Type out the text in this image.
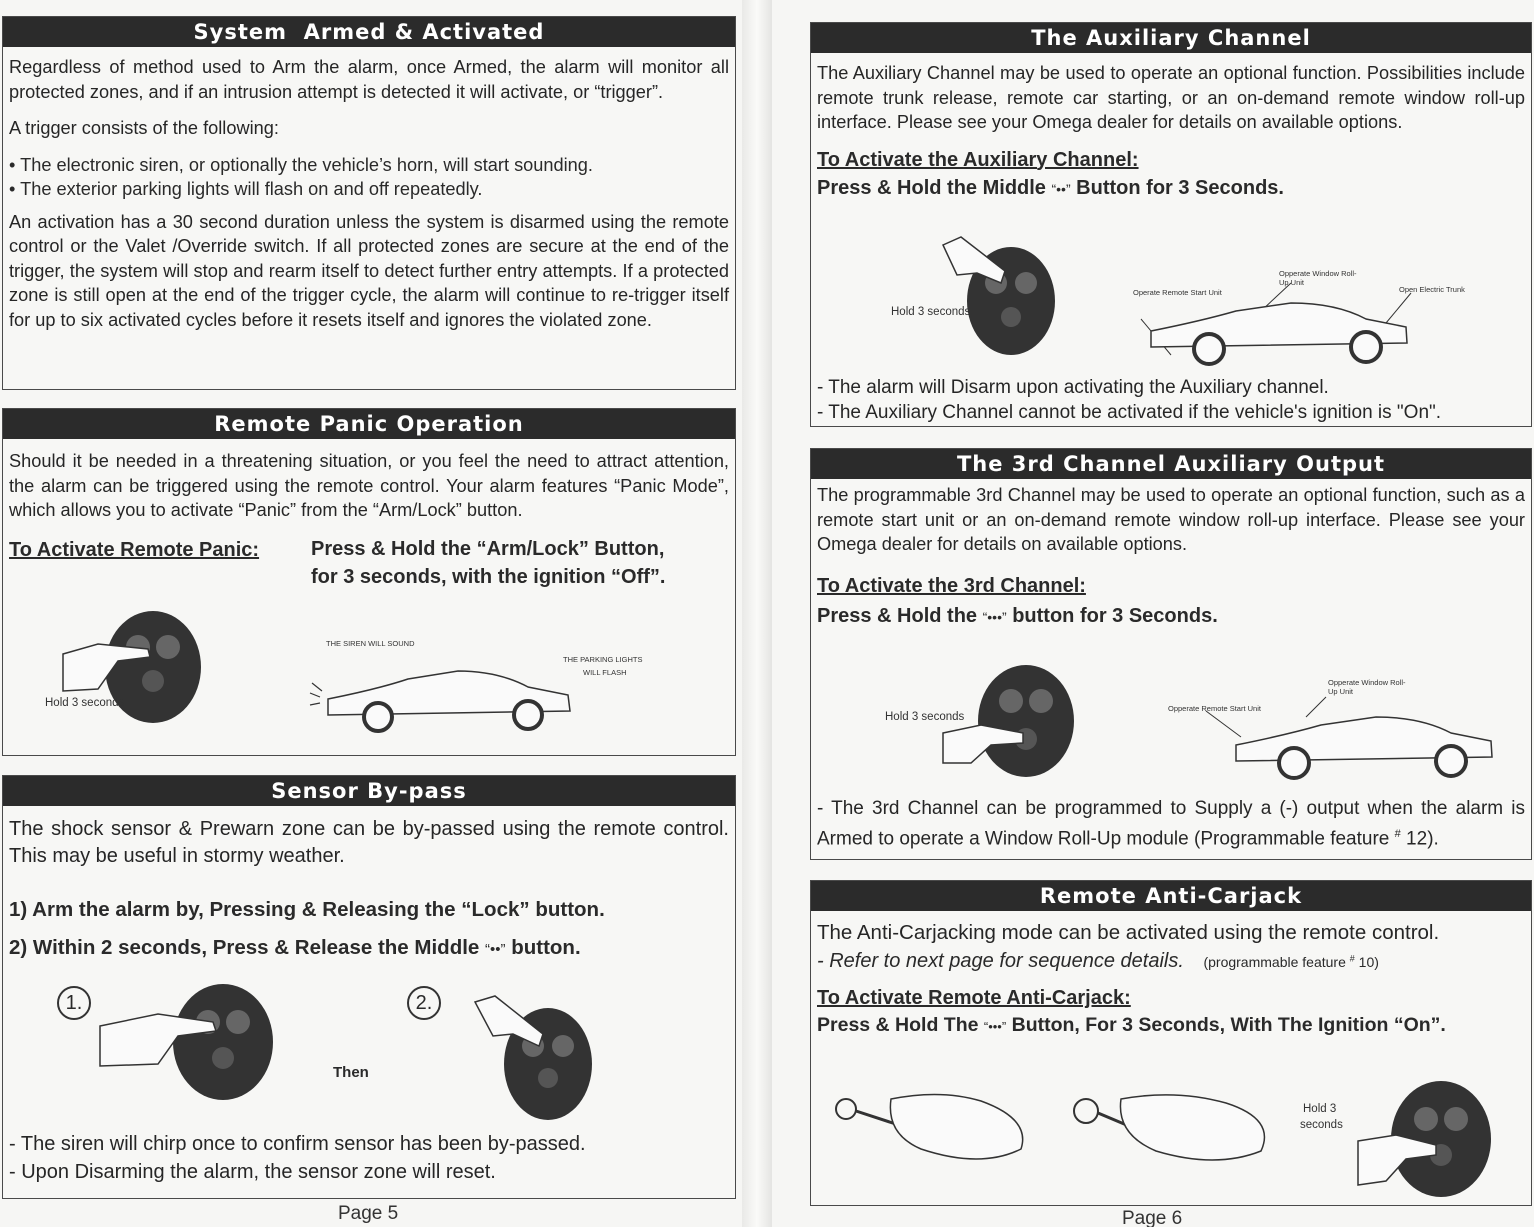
System  Armed & Activated
Regardless of method used to Arm the alarm, once Armed, the alarm will monitor all protected zones, and if an intrusion attempt is detected it will activate, or “trigger”.
A trigger consists of the following:
• The electronic siren, or optionally the vehicle’s horn, will start sounding.
• The exterior parking lights will flash on and off repeatedly.
An activation has a 30 second duration unless the system is disarmed using the remote control or the Valet /Override switch. If all protected zones are secure at the end of the trigger, the system will stop and rearm itself to detect further entry attempts. If a protected zone is still open at the end of the trigger cycle, the alarm will continue to re-trigger itself for up to six activated cycles before it resets itself and ignores the violated zone.
Remote Panic Operation
Should it be needed in a threatening situation, or you feel the need to attract attention, the alarm can be triggered using the remote control. Your alarm features “Panic Mode”, which allows you to activate “Panic” from the “Arm/Lock” button.
To Activate Remote Panic:	Press & Hold the “Arm/Lock” Button,
for 3 seconds, with the ignition “Off”.
Hold 3 seconds
THE SIREN WILL SOUND
THE PARKING LIGHTS
WILL FLASH
Sensor By-pass
The shock sensor & Prewarn zone can be by-passed using the remote control. This may be useful in stormy weather.
1) Arm the alarm by, Pressing & Releasing the “Lock” button.
2) Within 2 seconds, Press & Release the Middle “••” button.
1.	2.
Then
- The siren will chirp once to confirm sensor has been by-passed.
- Upon Disarming the alarm, the sensor zone will reset.
Page 5
The Auxiliary Channel
The Auxiliary Channel may be used to operate an optional function. Possibilities include remote trunk release, remote car starting, or an on-demand remote window roll-up interface. Please see your Omega dealer for details on available options.
To Activate the Auxiliary Channel:
Press & Hold the Middle “••” Button for 3 Seconds.
Hold 3 seconds
Operate Remote Start Unit
Opperate Window Roll-
Up Unit
Open Electric Trunk
- The alarm will Disarm upon activating the Auxiliary channel.
- The Auxiliary Channel cannot be activated if the vehicle's ignition is "On".
The 3rd Channel Auxiliary Output
The programmable 3rd Channel may be used to operate an optional function, such as a remote start unit or an on-demand remote window roll-up interface. Please see your Omega dealer for details on available options.
To Activate the 3rd Channel:
Press & Hold the “•••” button for 3 Seconds.
Hold 3 seconds
Opperate Remote Start Unit
Opperate Window Roll-
Up Unit
- The 3rd Channel can be programmed to Supply a (-) output when the alarm is Armed to operate a Window Roll-Up module (Programmable feature # 12).
Remote Anti-Carjack
The Anti-Carjacking mode can be activated using the remote control.
- Refer to next page for sequence details. (programmable feature # 10)
To Activate Remote Anti-Carjack:
Press & Hold The “•••” Button, For 3 Seconds, With The Ignition “On”.
Hold 3
seconds
Page 6
